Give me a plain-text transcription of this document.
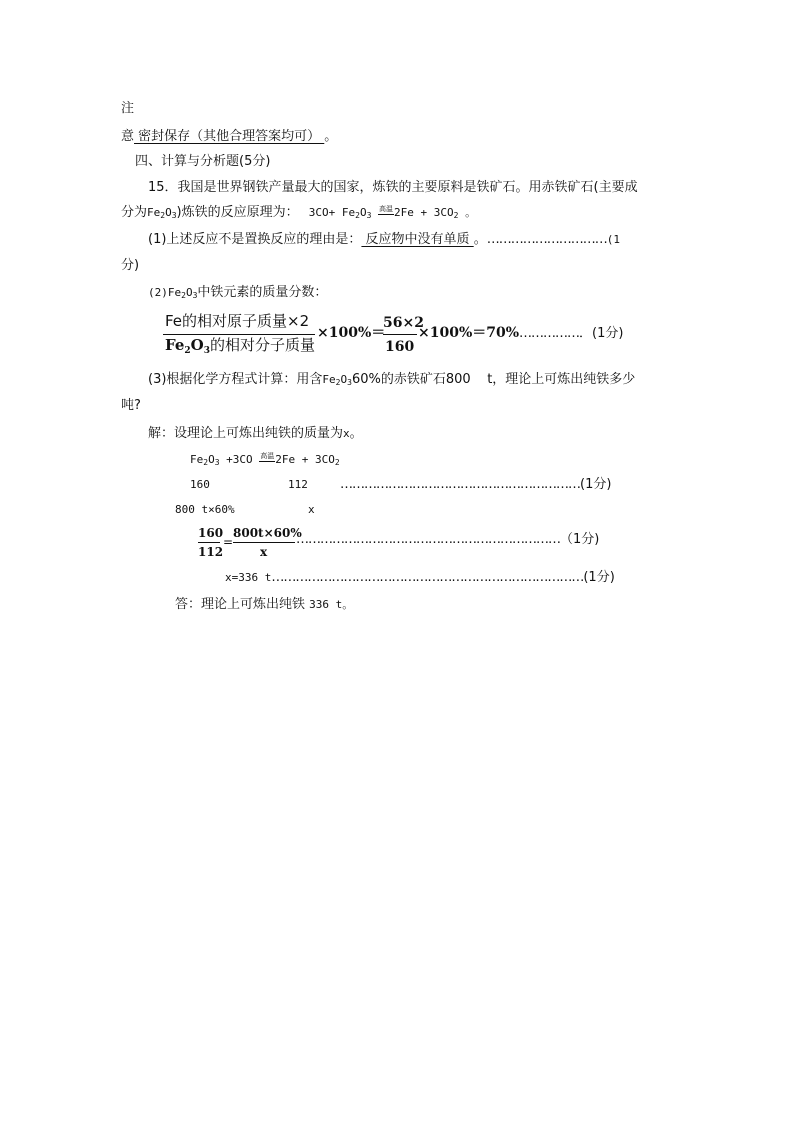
注
意 密封保存（其他合理答案均可） 。
四、计算与分析题(5分)
15．我国是世界钢铁产量最大的国家，炼铁的主要原料是铁矿石。用赤铁矿石(主要成
分为$Fe_2O_3$)炼铁的反应原理为： $3CO+ Fe_2O_3$ 高温$2Fe + 3CO_2$ 。
(1)上述反应不是置换反应的理由是： 反应物中没有单质 。…………………………(1
分)
$(2)Fe_2O_3$中铁元素的质量分数：
Fe的相对原子质量×2
$Fe_2O_3$的相对分子质量
×100%＝
56×2
160
×100%＝70%……………．(1分)
(3)根据化学方程式计算：用含$Fe_2O_360\%$的赤铁矿石800 t，理论上可炼出纯铁多少
吨?
解：设理论上可炼出纯铁的质量为x。
$Fe_2O_3 +3CO$ 高温$2Fe + 3CO_2$
160	112 ……………………………………………………(1分)
800 t×60%	x
160
112
=
800t×60%
x
…………………………………………………………（1分)
x=336 t……………………………………………………………………(1分)
答：理论上可炼出纯铁 336 t。
